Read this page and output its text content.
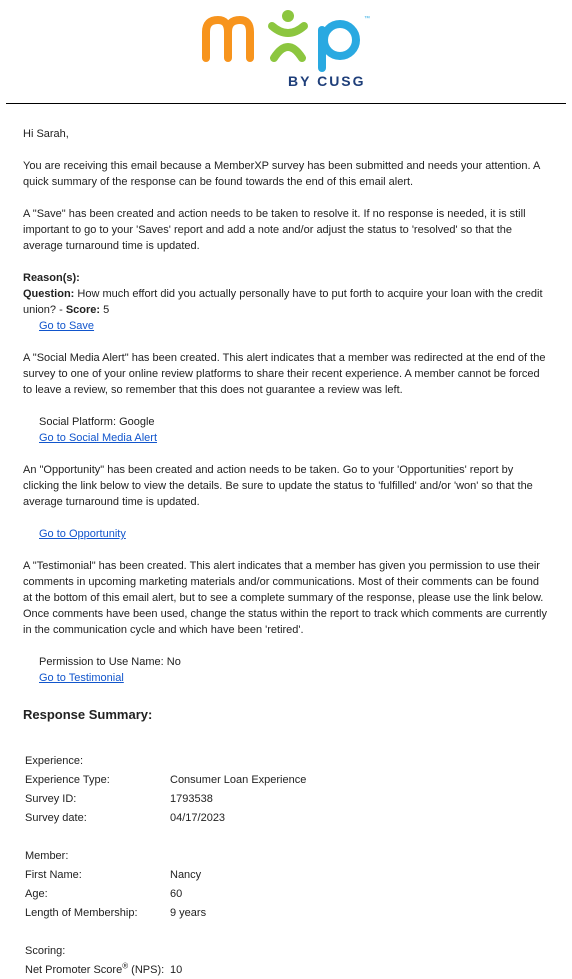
™
BY CUSG

Hi Sarah,

You are receiving this email because a MemberXP survey has been submitted and needs your attention. A quick summary of the response can be found towards the end of this email alert.

A "Save" has been created and action needs to be taken to resolve it. If no response is needed, it is still important to go to your 'Saves' report and add a note and/or adjust the status to 'resolved' so that the average turnaround time is updated.

Reason(s):

Question: How much effort did you actually personally have to put forth to acquire your loan with the credit union? - Score: 5

Go to Save

A "Social Media Alert" has been created. This alert indicates that a member was redirected at the end of the survey to one of your online review platforms to share their recent experience. A member cannot be forced to leave a review, so remember that this does not guarantee a review was left.

Social Platform: Google

Go to Social Media Alert

An "Opportunity" has been created and action needs to be taken. Go to your 'Opportunities' report by clicking the link below to view the details. Be sure to update the status to 'fulfilled' and/or 'won' so that the average turnaround time is updated.

Go to Opportunity

A "Testimonial" has been created. This alert indicates that a member has given you permission to use their comments in upcoming marketing materials and/or communications. Most of their comments can be found at the bottom of this email alert, but to see a complete summary of the response, please use the link below. Once comments have been used, change the status within the report to track which comments are currently in the communication cycle and which have been 'retired'.

Permission to Use Name: No

Go to Testimonial

Response Summary:

Experience:	
Experience Type:	Consumer Loan Experience
Survey ID:	1793538
Survey date:	04/17/2023

Member:	
First Name:	Nancy
Age:	60
Length of Membership:	9 years

Scoring:	
Net Promoter Score® (NPS):	10
